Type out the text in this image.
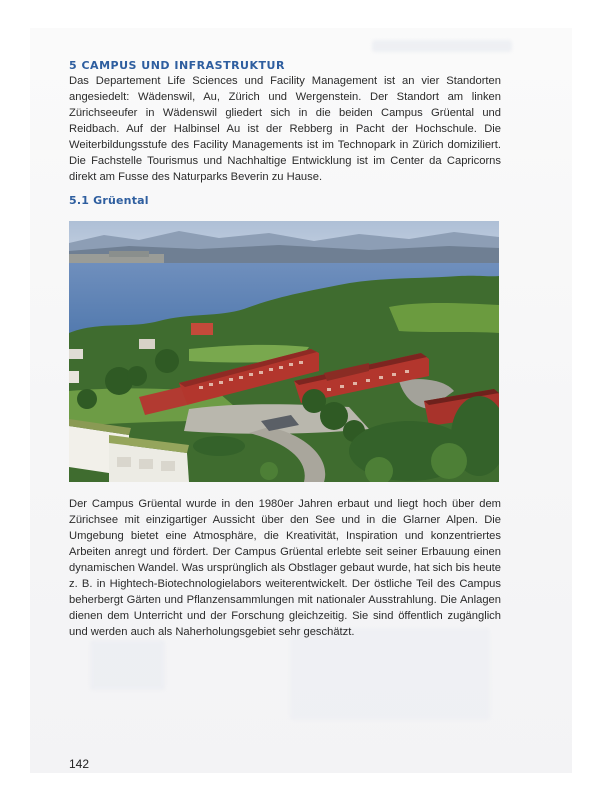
5 CAMPUS UND INFRASTRUKTUR

Das Departement Life Sciences und Facility Management ist an vier Standorten angesiedelt: Wädenswil, Au, Zürich und Wergenstein. Der Standort am linken Zürichseeufer in Wädenswil gliedert sich in die beiden Campus Grüental und Reidbach. Auf der Halbinsel Au ist der Rebberg in Pacht der Hochschule. Die Weiterbildungsstufe des Facility Managements ist im Technopark in Zürich domiziliert. Die Fachstelle Tourismus und Nachhaltige Entwicklung ist im Center da Capricorns direkt am Fusse des Naturparks Beverin zu Hause.

5.1 Grüental

Der Campus Grüental wurde in den 1980er Jahren erbaut und liegt hoch über dem Zürichsee mit einzigartiger Aussicht über den See und in die Glarner Alpen. Die Umgebung bietet eine Atmosphäre, die Kreativität, Inspiration und konzentriertes Arbeiten anregt und fördert. Der Campus Grüental erlebte seit seiner Erbauung einen dynamischen Wandel. Was ursprünglich als Obstlager gebaut wurde, hat sich bis heute z. B. in Hightech-Biotechnologielabors weiterentwickelt. Der östliche Teil des Campus beherbergt Gärten und Pflanzensammlungen mit nationaler Ausstrahlung. Die Anlagen dienen dem Unterricht und der Forschung gleichzeitig. Sie sind öffentlich zugänglich und werden auch als Naherholungsgebiet sehr geschätzt.

142
